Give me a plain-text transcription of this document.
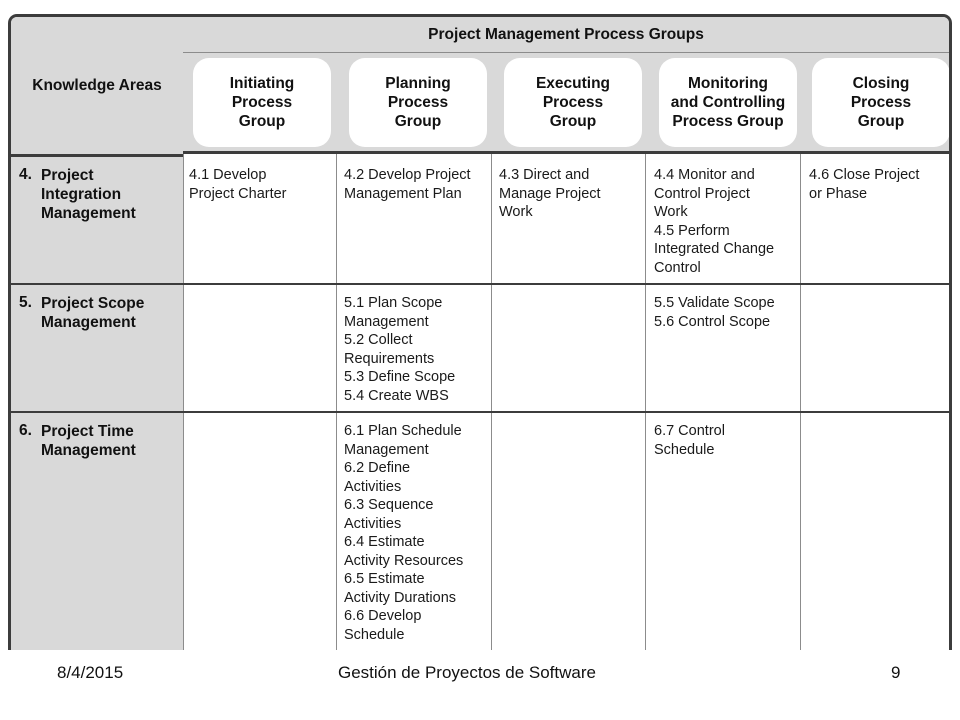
Knowledge Areas
Project Management Process Groups
Initiating
Process
Group
Planning
Process
Group
Executing
Process
Group
Monitoring
and Controlling
Process Group
Closing
Process
Group
4. Project
Integration
Management
4.1 Develop
Project Charter
4.2 Develop Project
Management Plan
4.3 Direct and
Manage Project
Work
4.4 Monitor and
Control Project
Work
4.5 Perform
Integrated Change
Control
4.6 Close Project
or Phase
5. Project Scope
Management
5.1 Plan Scope
Management
5.2 Collect
Requirements
5.3 Define Scope
5.4 Create WBS
5.5 Validate Scope
5.6 Control Scope
6. Project Time
Management
6.1 Plan Schedule
Management
6.2 Define
Activities
6.3 Sequence
Activities
6.4 Estimate
Activity Resources
6.5 Estimate
Activity Durations
6.6 Develop
Schedule
6.7 Control
Schedule
8/4/2015	Gestión de Proyectos de Software	9
